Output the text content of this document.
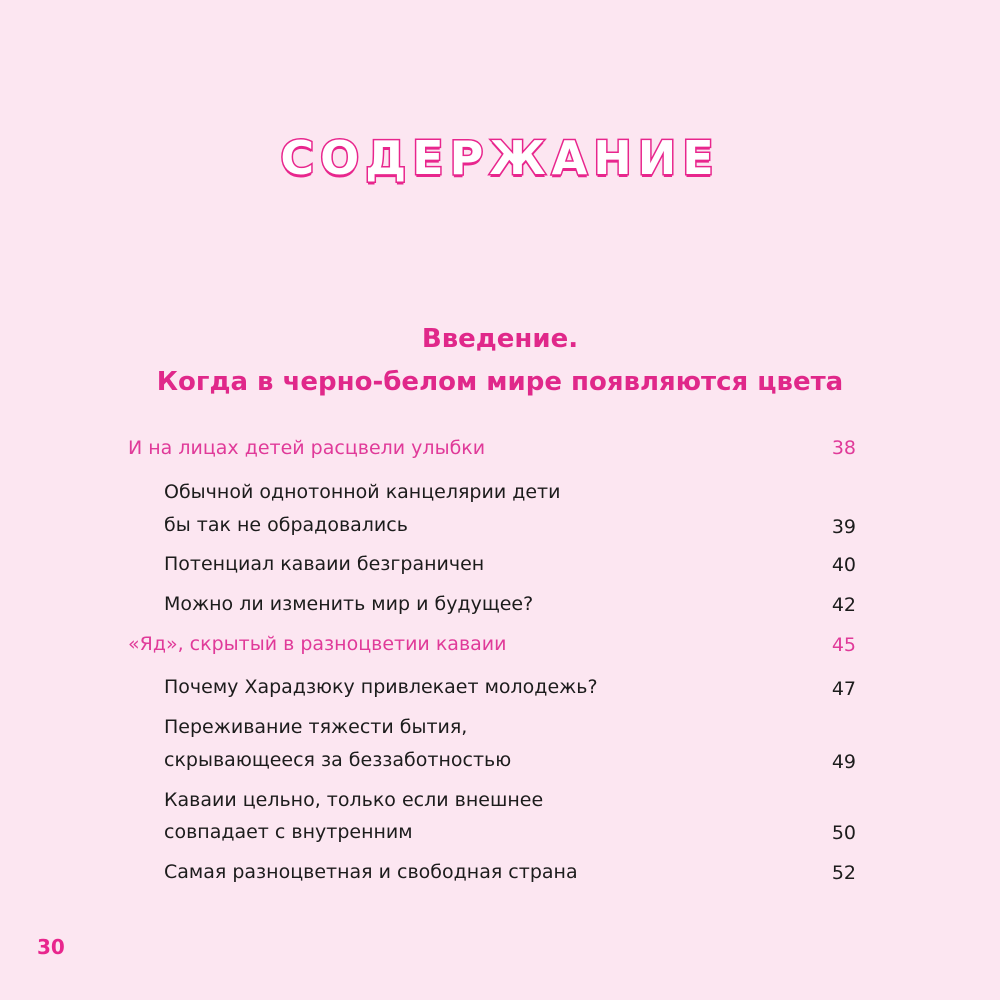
СОДЕРЖАНИЕ
Введение.
Когда в черно-белом мире появляются цвета
И на лицах детей расцвели улыбки	38
Обычной однотонной канцелярии дети
бы так не обрадовались	39
Потенциал каваии безграничен	40
Можно ли изменить мир и будущее?	42
«Яд», скрытый в разноцветии каваии	45
Почему Харадзюку привлекает молодежь?	47
Переживание тяжести бытия,
скрывающееся за беззаботностью	49
Каваии цельно, только если внешнее
совпадает с внутренним	50
Самая разноцветная и свободная страна	52
30
